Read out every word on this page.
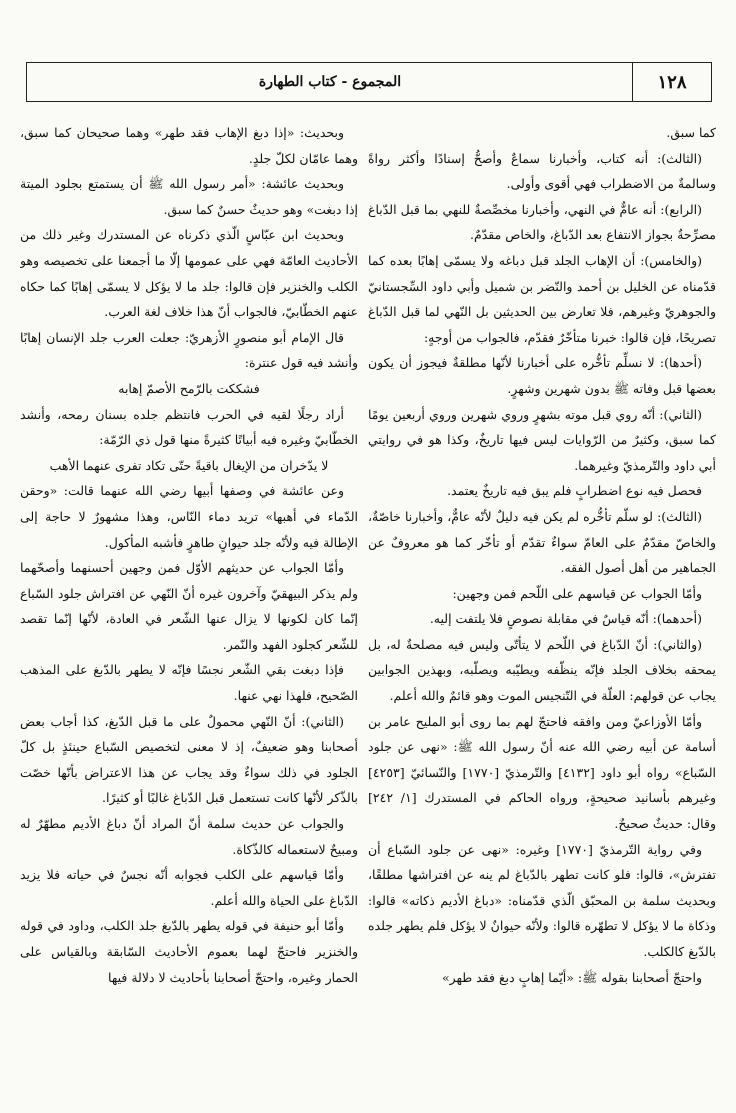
١٢٨
المجموع - كتاب الطهارة

كما سبق.

(الثالث): أنه كتاب، وأخبارنا سماعٌ وأصحُّ إسنادًا وأكثر رواةً وسالمةٌ من الاضطراب فهي أقوى وأولى.

(الرابع): أنه عامٌّ في النهي، وأخبارنا مخصِّصةٌ للنهي بما قبل الدّباغ مصرِّحةٌ بجواز الانتفاع بعد الدّباغ، والخاص مقدّمٌ.

(والخامس): أن الإهاب الجلد قبل دباغه ولا يسمّى إهابًا بعده كما قدّمناه عن الخليل بن أحمد والنّضر بن شميل وأبي داود السِّجستانيّ والجوهريّ وغيرهم، فلا تعارض بين الحديثين بل النّهي لما قبل الدّباغ تصريحًا، فإن قالوا: خبرنا متأخّرٌ فقدّم، فالجواب من أوجهٍ:

(أحدها): لا نسلِّم تأخُّره على أخبارنا لأنّها مطلقةٌ فيجوز أن يكون بعضها قبل وفاته ﷺ بدون شهرين وشهرٍ.

(الثاني): أنّه روي قبل موته بشهرٍ وروي شهرين وروي أربعين يومًا كما سبق، وكثيرٌ من الرّوايات ليس فيها تاريخٌ، وكذا هو في روايتي أبي داود والتّرمذيّ وغيرهما.

فحصل فيه نوع اضطرابٍ فلم يبق فيه تاريخٌ يعتمد.

(الثالث): لو سلّم تأخُّره لم يكن فيه دليلٌ لأنّه عامٌّ، وأخبارنا خاصّةٌ، والخاصّ مقدّمٌ على العامّ سواءٌ تقدّم أو تأخّر كما هو معروفٌ عن الجماهير من أهل أصول الفقه.

وأمّا الجواب عن قياسهم على اللّحم فمن وجهين:

(أحدهما): أنّه قياسٌ في مقابلة نصوصٍ فلا يلتفت إليه.

(والثاني): أنّ الدّباغ في اللّحم لا يتأتّى وليس فيه مصلحةٌ له، بل يمحقه بخلاف الجلد فإنّه ينظّفه ويطيّبه ويصلّبه، وبهذين الجوابين يجاب عن قولهم: العلّة في التّنجيس الموت وهو قائمٌ والله أعلم.

وأمّا الأوزاعيّ ومن وافقه فاحتجّ لهم بما روى أبو المليح عامر بن أسامة عن أبيه رضي الله عنه أنّ رسول الله ﷺ: «نهى عن جلود السّباع» رواه أبو داود [٤١٣٢] والتّرمذيّ [١٧٧٠] والنّسائيّ [٤٢٥٣] وغيرهم بأسانيد صحيحةٍ، ورواه الحاكم في المستدرك [١/ ٢٤٢] وقال: حديثٌ صحيحٌ.

وفي رواية التّرمذيّ [١٧٧٠] وغيره: «نهى عن جلود السّباع أن تفترش»، قالوا: فلو كانت تطهر بالدّباغ لم ينه عن افتراشها مطلقًا، وبحديث سلمة بن المحبّق الّذي قدّمناه: «دباغ الأديم ذكاته» قالوا: وذكاة ما لا يؤكل لا تطهّره قالوا: ولأنّه حيوانٌ لا يؤكل فلم يطهر جلده بالدّبغ كالكلب.

واحتجّ أصحابنا بقوله ﷺ: «أيّما إهابٍ دبغ فقد طهر»

وبحديث: «إذا دبغ الإهاب فقد طهر» وهما صحيحان كما سبق، وهما عامّان لكلّ جلدٍ.

وبحديث عائشة: «أمر رسول الله ﷺ أن يستمتع بجلود الميتة إذا دبغت» وهو حديثٌ حسنٌ كما سبق.

وبحديث ابن عبّاسٍ الّذي ذكرناه عن المستدرك وغير ذلك من الأحاديث العامّة فهي على عمومها إلّا ما أجمعنا على تخصيصه وهو الكلب والخنزير فإن قالوا: جلد ما لا يؤكل لا يسمّى إهابًا كما حكاه عنهم الخطّابيّ، فالجواب أنّ هذا خلاف لغة العرب.

قال الإمام أبو منصورٍ الأزهريّ: جعلت العرب جلد الإنسان إهابًا وأنشد فيه قول عنترة:

فشككت بالرّمح الأصمّ إهابه

أراد رجلًا لقيه في الحرب فانتظم جلده بسنان رمحه، وأنشد الخطّابيّ وغيره فيه أبياتًا كثيرةً منها قول ذي الرّمّة:

لا يدّخران من الإيغال باقيةً حتّى تكاد تفرى عنهما الأهب

وعن عائشة في وصفها أبيها رضي الله عنهما قالت: «وحقن الدّماء في أهبها» تريد دماء النّاس، وهذا مشهورٌ لا حاجة إلى الإطالة فيه ولأنّه جلد حيوانٍ طاهرٍ فأشبه المأكول.

وأمّا الجواب عن حديثهم الأوّل فمن وجهين أحسنهما وأصحّهما ولم يذكر البيهقيّ وآخرون غيره أنّ النّهي عن افتراش جلود السّباع إنّما كان لكونها لا يزال عنها الشّعر في العادة، لأنّها إنّما تقصد للشّعر كجلود الفهد والنّمر.

فإذا دبغت بقي الشّعر نجسًا فإنّه لا يطهر بالدّبغ على المذهب الصّحيح، فلهذا نهي عنها.

(الثاني): أنّ النّهي محمولٌ على ما قبل الدّبغ، كذا أجاب بعض أصحابنا وهو ضعيفٌ، إذ لا معنى لتخصيص السّباع حينئذٍ بل كلّ الجلود في ذلك سواءٌ وقد يجاب عن هذا الاعتراض بأنّها خصّت بالذّكر لأنّها كانت تستعمل قبل الدّباغ غالبًا أو كثيرًا.

والجواب عن حديث سلمة أنّ المراد أنّ دباغ الأديم مطهّرٌ له ومبيحٌ لاستعماله كالذّكاة.

وأمّا قياسهم على الكلب فجوابه أنّه نجسٌ في حياته فلا يزيد الدّباغ على الحياة والله أعلم.

وأمّا أبو حنيفة في قوله يطهر بالدّبغ جلد الكلب، وداود في قوله والخنزير فاحتجّ لهما بعموم الأحاديث السّابقة وبالقياس على الحمار وغيره، واحتجّ أصحابنا بأحاديث لا دلالة فيها
